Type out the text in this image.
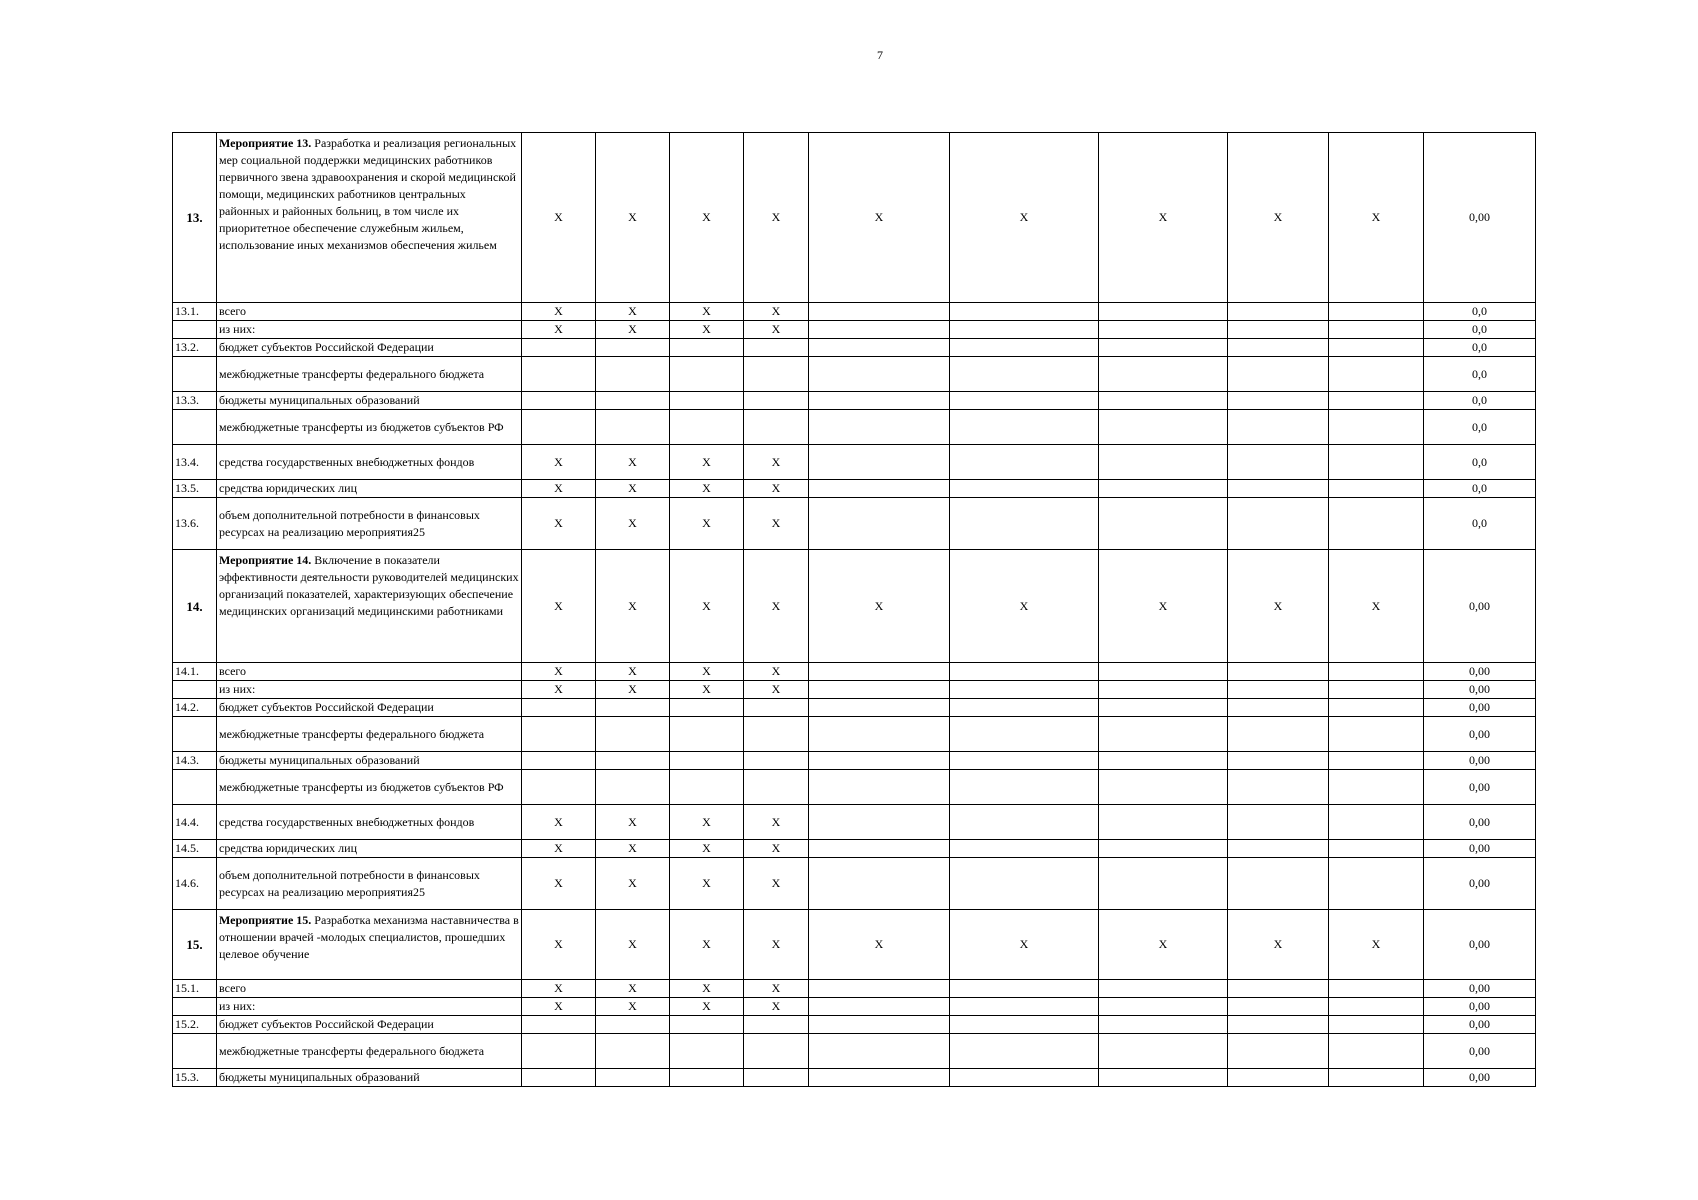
7
13.	Мероприятие 13. Разработка и реализация региональных мер социальной поддержки медицинских работников первичного звена здравоохранения и скорой медицинской помощи, медицинских работников центральных районных и районных больниц, в том числе их приоритетное обеспечение служебным жильем, использование иных механизмов обеспечения жильем	X	X	X	X	X	X	X	X	X	0,00
13.1.	всего	X	X	X	X						0,0
	из них:	X	X	X	X						0,0
13.2.	бюджет субъектов Российской Федерации										0,0
	межбюджетные трансферты федерального бюджета										0,0
13.3.	бюджеты муниципальных образований										0,0
	межбюджетные трансферты из бюджетов субъектов РФ										0,0
13.4.	средства государственных внебюджетных фондов	X	X	X	X						0,0
13.5.	средства юридических лиц	X	X	X	X						0,0
13.6.	объем дополнительной потребности в финансовых ресурсах на реализацию мероприятия25	X	X	X	X						0,0
14.	Мероприятие 14. Включение в показатели эффективности деятельности руководителей медицинских организаций показателей, характеризующих обеспечение медицинских организаций медицинскими работниками	X	X	X	X	X	X	X	X	X	0,00
14.1.	всего	X	X	X	X						0,00
	из них:	X	X	X	X						0,00
14.2.	бюджет субъектов Российской Федерации										0,00
	межбюджетные трансферты федерального бюджета										0,00
14.3.	бюджеты муниципальных образований										0,00
	межбюджетные трансферты из бюджетов субъектов РФ										0,00
14.4.	средства государственных внебюджетных фондов	X	X	X	X						0,00
14.5.	средства юридических лиц	X	X	X	X						0,00
14.6.	объем дополнительной потребности в финансовых ресурсах на реализацию мероприятия25	X	X	X	X						0,00
15.	Мероприятие 15. Разработка механизма наставничества в отношении врачей -молодых специалистов, прошедших целевое обучение	X	X	X	X	X	X	X	X	X	0,00
15.1.	всего	X	X	X	X						0,00
	из них:	X	X	X	X						0,00
15.2.	бюджет субъектов Российской Федерации										0,00
	межбюджетные трансферты федерального бюджета										0,00
15.3.	бюджеты муниципальных образований										0,00
